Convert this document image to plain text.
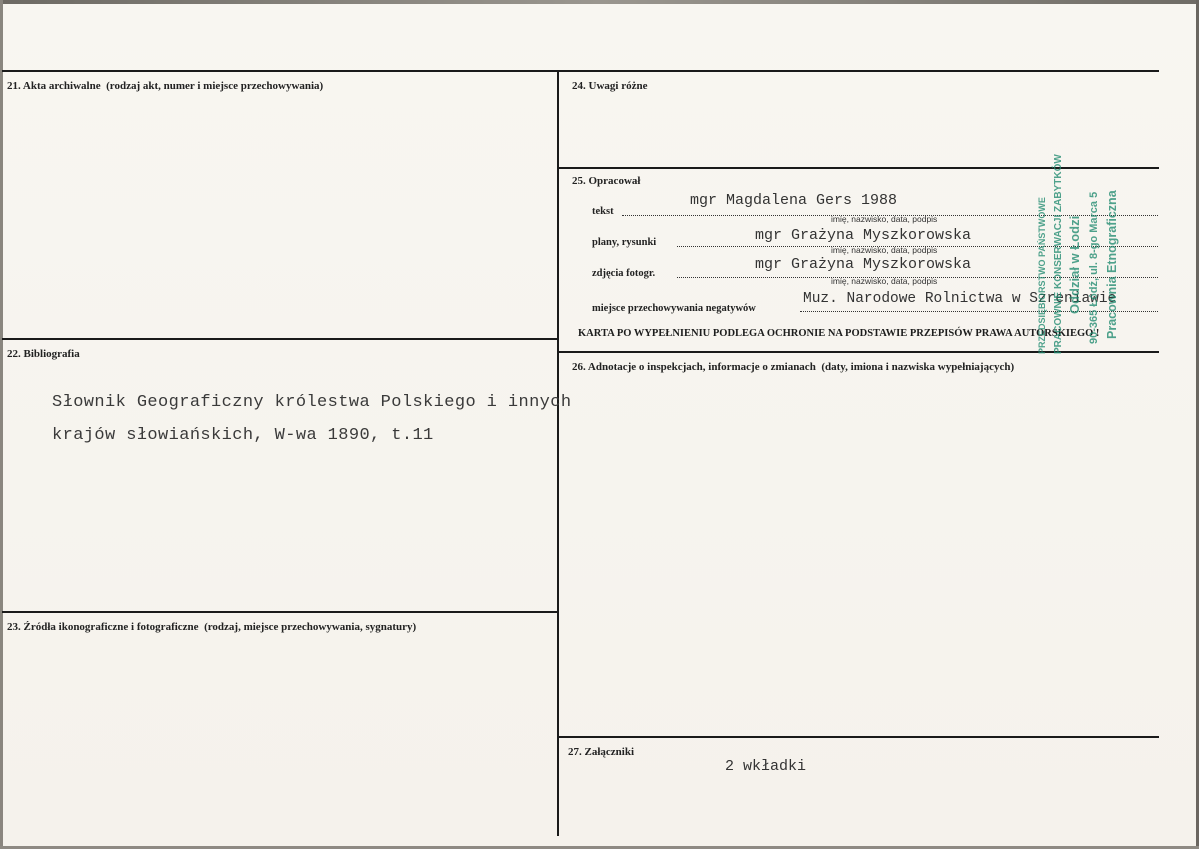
21. Akta archiwalne (rodzaj akt, numer i miejsce przechowywania)
22. Bibliografia
Słownik Geograficzny królestwa Polskiego i innych
krajów słowiańskich, W-wa 1890, t.11
23. Źródła ikonograficzne i fotograficzne (rodzaj, miejsce przechowywania, sygnatury)
24. Uwagi różne
25. Opracował
tekst
mgr Magdalena Gers 1988
imię, nazwisko, data, podpis
plany, rysunki	mgr Grażyna Myszkorowska
imię, nazwisko, data, podpis
zdjęcia fotogr.
mgr Grażyna Myszkorowska
imię, nazwisko, data, podpis
miejsce przechowywania negatywów
Muz. Narodowe Rolnictwa w Szreniawie
KARTA PO WYPEŁNIENIU PODLEGA OCHRONIE NA PODSTAWIE PRZEPISÓW PRAWA AUTORSKIEGO !
26. Adnotacje o inspekcjach, informacje o zmianach (daty, imiona i nazwiska wypełniających)
27. Załączniki
2 wkładki
PRZEDSIĘBIORSTWO PAŃSTWOWE PRACOWNIE KONSERWACJI ZABYTKÓW Oddział w Łodzi 90-365 Łódź, ul. 8-go Marca 5 Pracownia Etnograficzna
